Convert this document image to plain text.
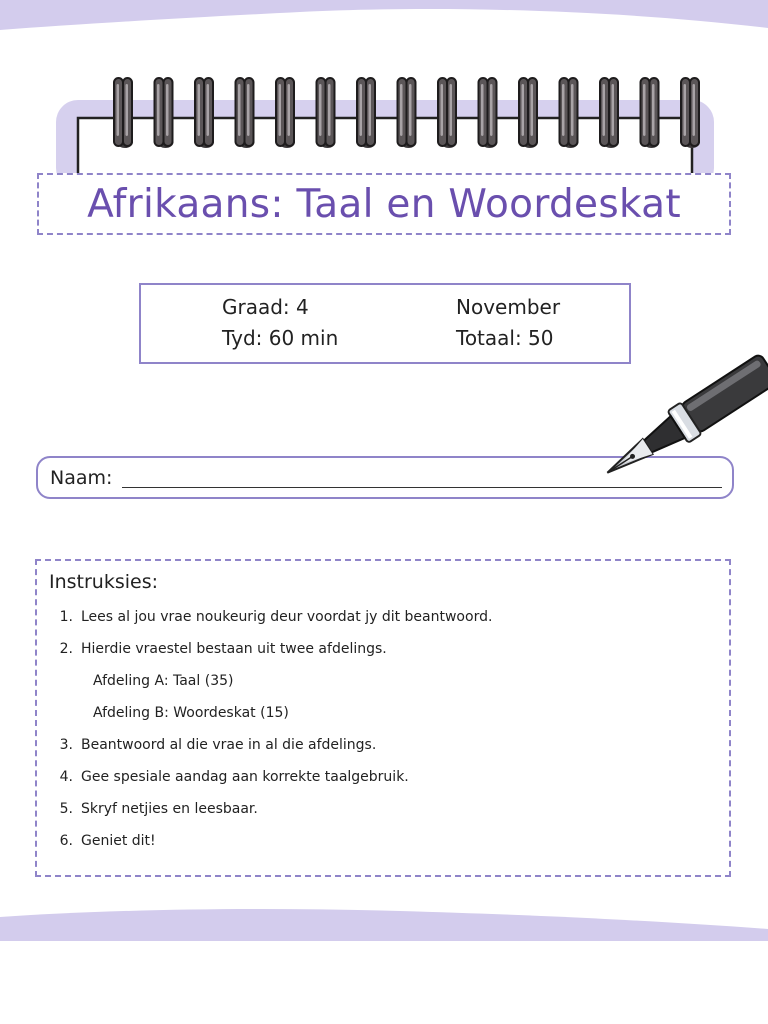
Afrikaans: Taal en Woordeskat
Graad: 4	November
Tyd: 60 min	Totaal: 50
Naam:
Instruksies:
1. Lees al jou vrae noukeurig deur voordat jy dit beantwoord.
2. Hierdie vraestel bestaan uit twee afdelings.
Afdeling A: Taal (35)
Afdeling B: Woordeskat (15)
3. Beantwoord al die vrae in al die afdelings.
4. Gee spesiale aandag aan korrekte taalgebruik.
5. Skryf netjies en leesbaar.
6. Geniet dit!
